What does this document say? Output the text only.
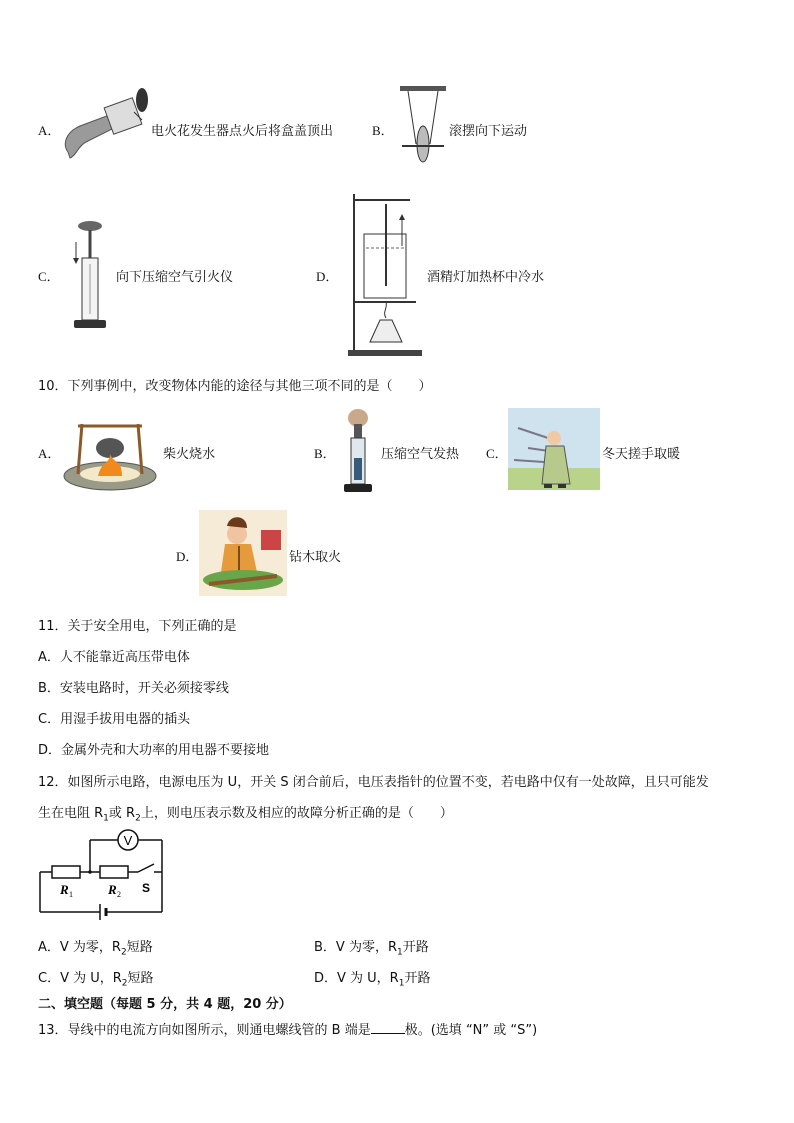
A．	电火花发生器点火后将盒盖顶出	B．	滚摆向下运动
C．	向下压缩空气引火仪	D．	酒精灯加热杯中冷水
10．下列事例中，改变物体内能的途径与其他三项不同的是（　　）
A．	柴火烧水	B．	压缩空气发热 C．	冬天搓手取暖
D．	钻木取火
11．关于安全用电，下列正确的是
A．人不能靠近高压带电体
B．安装电路时，开关必须接零线
C．用湿手拔用电器的插头
D．金属外壳和大功率的用电器不要接地
12．如图所示电路，电源电压为 U，开关 S 闭合前后，电压表指针的位置不变，若电路中仅有一处故障，且只可能发
生在电阻 $R_1$或 $R_2$上，则电压表示数及相应的故障分析正确的是（　　）
V
R 1	R 2 S
A．V 为零，$R_2$短路	B．V 为零，$R_1$开路
C．V 为 U，$R_2$短路	D．V 为 U，$R_1$开路
二、填空题（每题 5 分，共 4 题，20 分）
13．导线中的电流方向如图所示，则通电螺线管的 B 端是	极。(选填 “N” 或 “S”)
